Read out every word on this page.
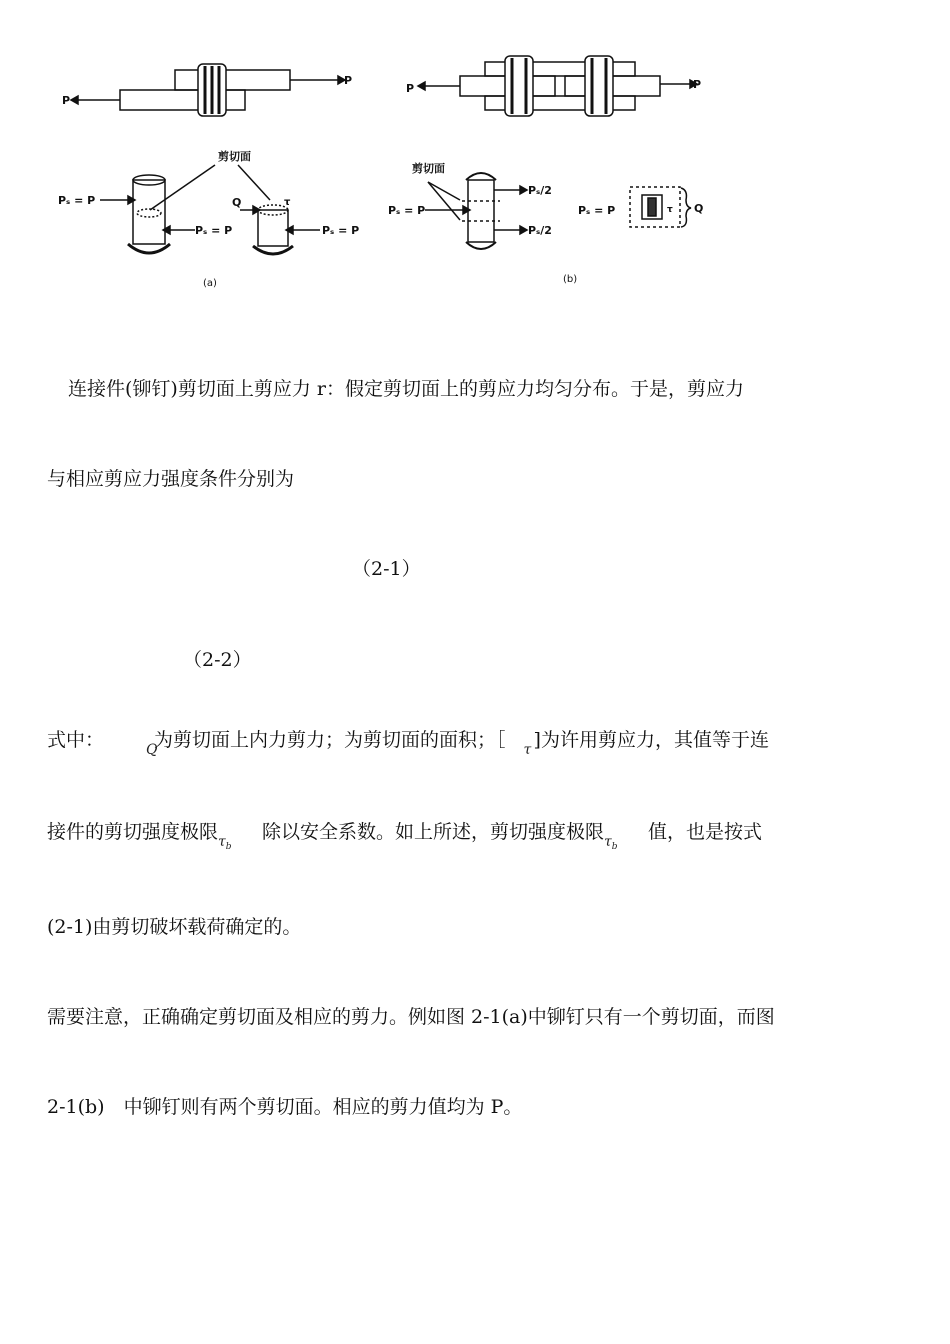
P
P
剪切面
Pₛ = P
Pₛ = P
Q	τ
Pₛ = P
(a)
P	P
剪切面
Pₛ/2
Pₛ/2
Pₛ = P	Pₛ = P	τ Q
(b)
连接件(铆钉)剪切面上剪应力 r：假定剪切面上的剪应力均匀分布。于是，剪应力
与相应剪应力强度条件分别为
（2-1）
（2-2）
式中：	Q
为剪切面上内力剪力；为剪切面的面积；［ τ ]为许用剪应力，其值等于连
接件的剪切强度极限 $\tau_b$
除以安全系数。如上所述，剪切强度极限 $\tau_b$
值，也是按式
(2-1)由剪切破坏载荷确定的。
需要注意，正确确定剪切面及相应的剪力。例如图 2-1(a)中铆钉只有一个剪切面，而图
2-1(b)　中铆钉则有两个剪切面。相应的剪力值均为 P。
